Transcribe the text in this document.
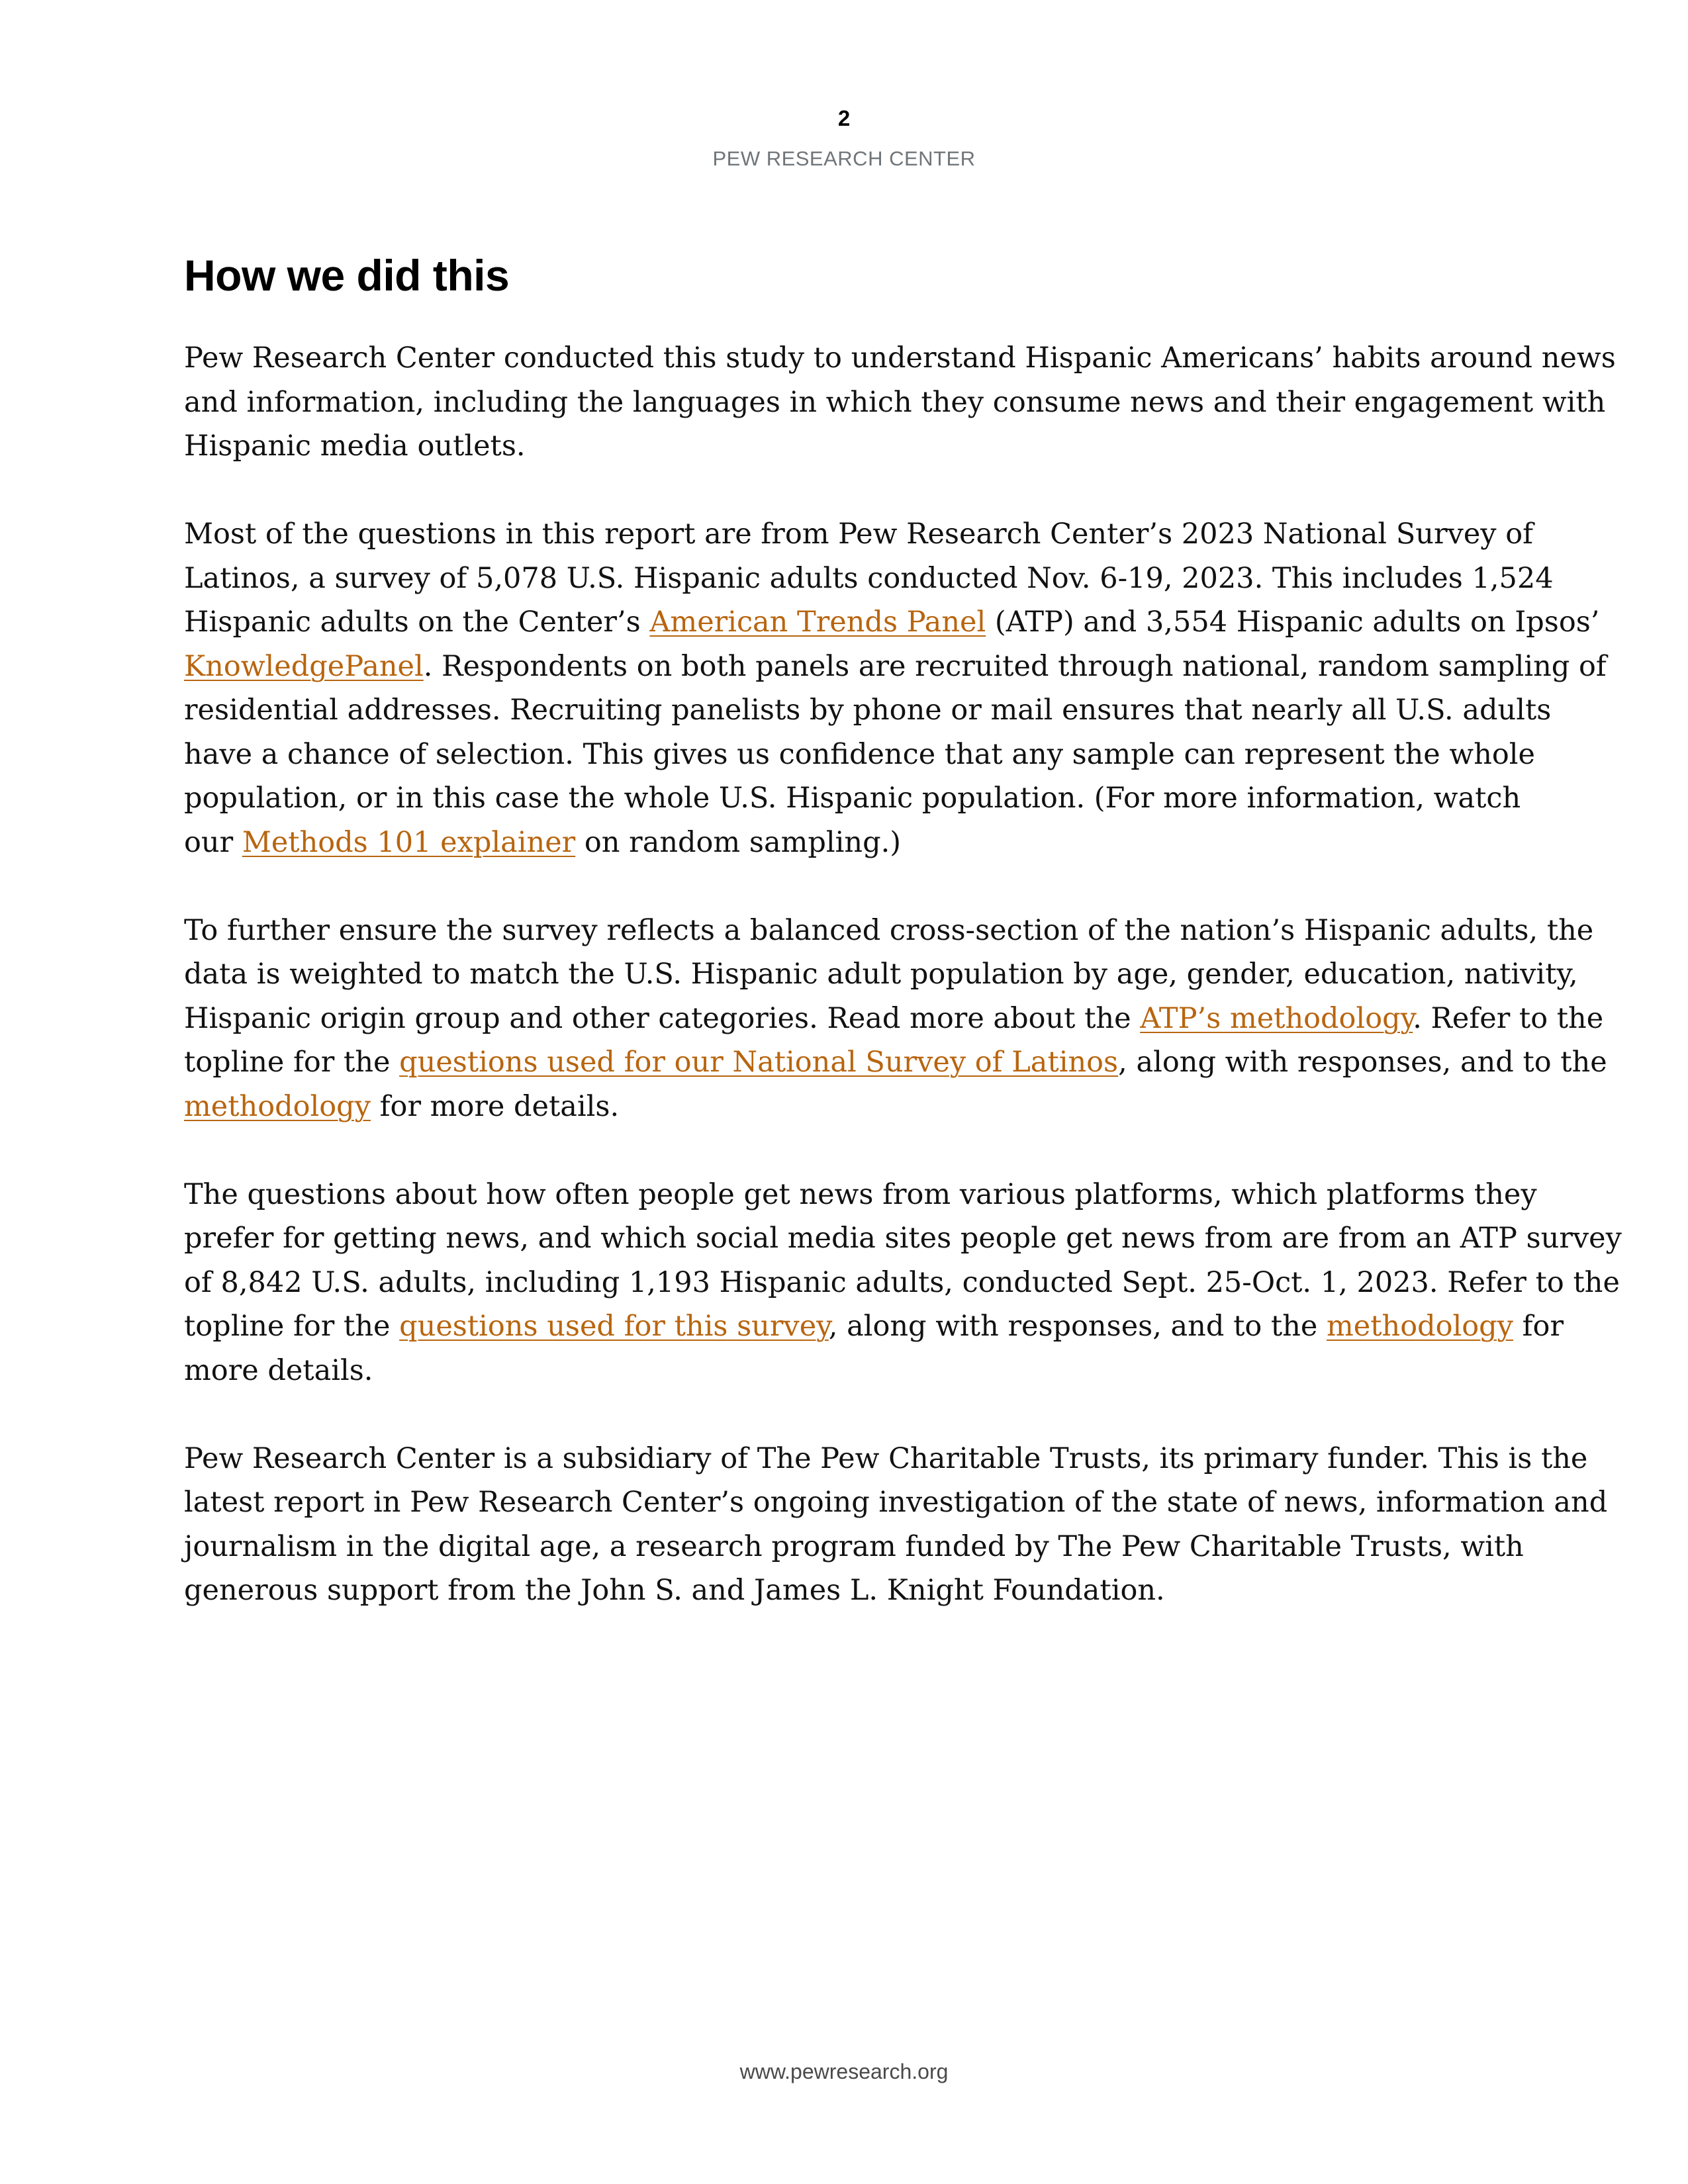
2
PEW RESEARCH CENTER
How we did this

Pew Research Center conducted this study to understand Hispanic Americans’ habits around news
and information, including the languages in which they consume news and their engagement with
Hispanic media outlets.

Most of the questions in this report are from Pew Research Center’s 2023 National Survey of
Latinos, a survey of 5,078 U.S. Hispanic adults conducted Nov. 6-19, 2023. This includes 1,524
Hispanic adults on the Center’s American Trends Panel (ATP) and 3,554 Hispanic adults on Ipsos’
KnowledgePanel. Respondents on both panels are recruited through national, random sampling of
residential addresses. Recruiting panelists by phone or mail ensures that nearly all U.S. adults
have a chance of selection. This gives us confidence that any sample can represent the whole
population, or in this case the whole U.S. Hispanic population. (For more information, watch
our Methods 101 explainer on random sampling.)

To further ensure the survey reflects a balanced cross-section of the nation’s Hispanic adults, the
data is weighted to match the U.S. Hispanic adult population by age, gender, education, nativity,
Hispanic origin group and other categories. Read more about the ATP’s methodology. Refer to the
topline for the questions used for our National Survey of Latinos, along with responses, and to the
methodology for more details.

The questions about how often people get news from various platforms, which platforms they
prefer for getting news, and which social media sites people get news from are from an ATP survey
of 8,842 U.S. adults, including 1,193 Hispanic adults, conducted Sept. 25-Oct. 1, 2023. Refer to the
topline for the questions used for this survey, along with responses, and to the methodology for
more details.

Pew Research Center is a subsidiary of The Pew Charitable Trusts, its primary funder. This is the
latest report in Pew Research Center’s ongoing investigation of the state of news, information and
journalism in the digital age, a research program funded by The Pew Charitable Trusts, with
generous support from the John S. and James L. Knight Foundation.

www.pewresearch.org
